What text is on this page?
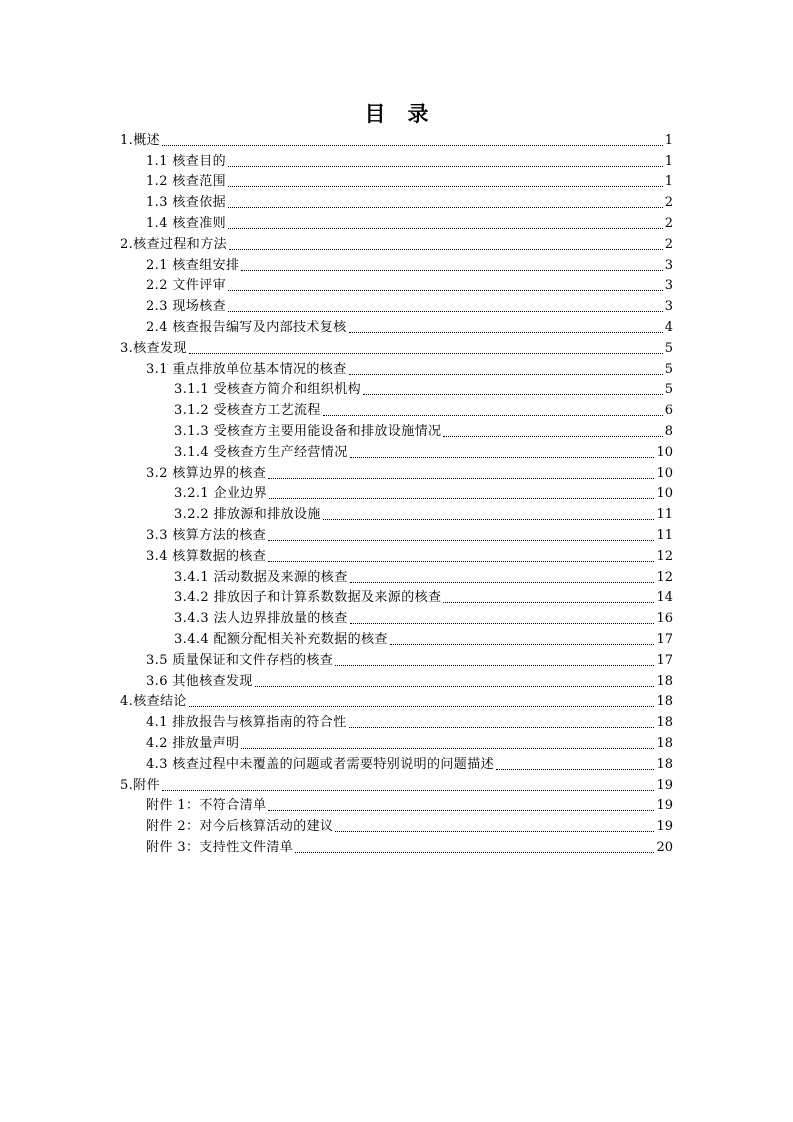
目 录
1.概述	1
1.1 核查目的	1
1.2 核查范围	1
1.3 核查依据	2
1.4 核查准则	2
2.核查过程和方法	2
2.1 核查组安排	3
2.2 文件评审	3
2.3 现场核查	3
2.4 核查报告编写及内部技术复核	4
3.核查发现	5
3.1 重点排放单位基本情况的核查	5
3.1.1 受核查方简介和组织机构	5
3.1.2 受核查方工艺流程	6
3.1.3 受核查方主要用能设备和排放设施情况	8
3.1.4 受核查方生产经营情况	10
3.2 核算边界的核查	10
3.2.1 企业边界	10
3.2.2 排放源和排放设施	11
3.3 核算方法的核查	11
3.4 核算数据的核查	12
3.4.1 活动数据及来源的核查	12
3.4.2 排放因子和计算系数数据及来源的核查	14
3.4.3 法人边界排放量的核查	16
3.4.4 配额分配相关补充数据的核查	17
3.5 质量保证和文件存档的核查	17
3.6 其他核查发现	18
4.核查结论	18
4.1 排放报告与核算指南的符合性	18
4.2 排放量声明	18
4.3 核查过程中未覆盖的问题或者需要特别说明的问题描述	18
5.附件	19
附件 1：不符合清单	19
附件 2：对今后核算活动的建议	19
附件 3：支持性文件清单	20
